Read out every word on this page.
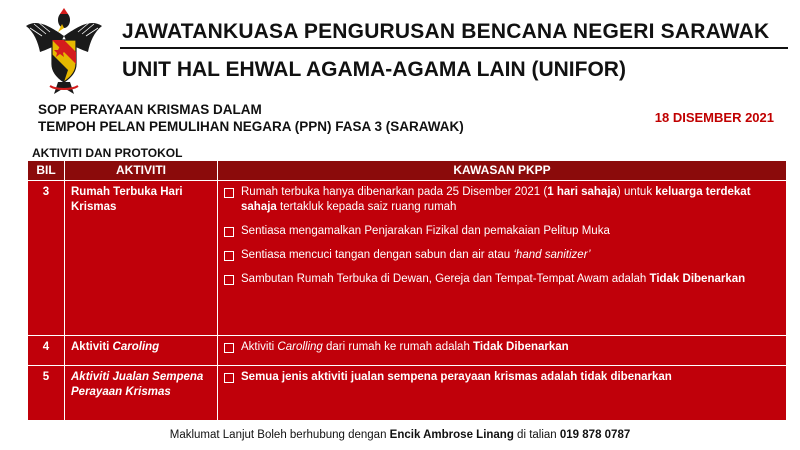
JAWATANKUASA PENGURUSAN BENCANA NEGERI SARAWAK
UNIT HAL EHWAL AGAMA-AGAMA LAIN (UNIFOR)
SOP PERAYAAN KRISMAS DALAM
TEMPOH PELAN PEMULIHAN NEGARA (PPN) FASA 3 (SARAWAK)
18 DISEMBER 2021
AKTIVITI DAN PROTOKOL
BIL	AKTIVITI	KAWASAN PKPP
3	Rumah Terbuka Hari Krismas	Rumah terbuka hanya dibenarkan pada 25 Disember 2021 (1 hari sahaja) untuk keluarga terdekat sahaja tertakluk kepada saiz ruang rumah
Sentiasa mengamalkan Penjarakan Fizikal dan pemakaian Pelitup Muka
Sentiasa mencuci tangan dengan sabun dan air atau ‘hand sanitizer’
Sambutan Rumah Terbuka di Dewan, Gereja dan Tempat-Tempat Awam adalah Tidak Dibenarkan

4	Aktiviti Caroling	Aktiviti Carolling dari rumah ke rumah adalah Tidak Dibenarkan

5	Aktiviti Jualan Sempena Perayaan Krismas	Semua jenis aktiviti jualan sempena perayaan krismas adalah tidak dibenarkan
Maklumat Lanjut Boleh berhubung dengan Encik Ambrose Linang di talian 019 878 0787
